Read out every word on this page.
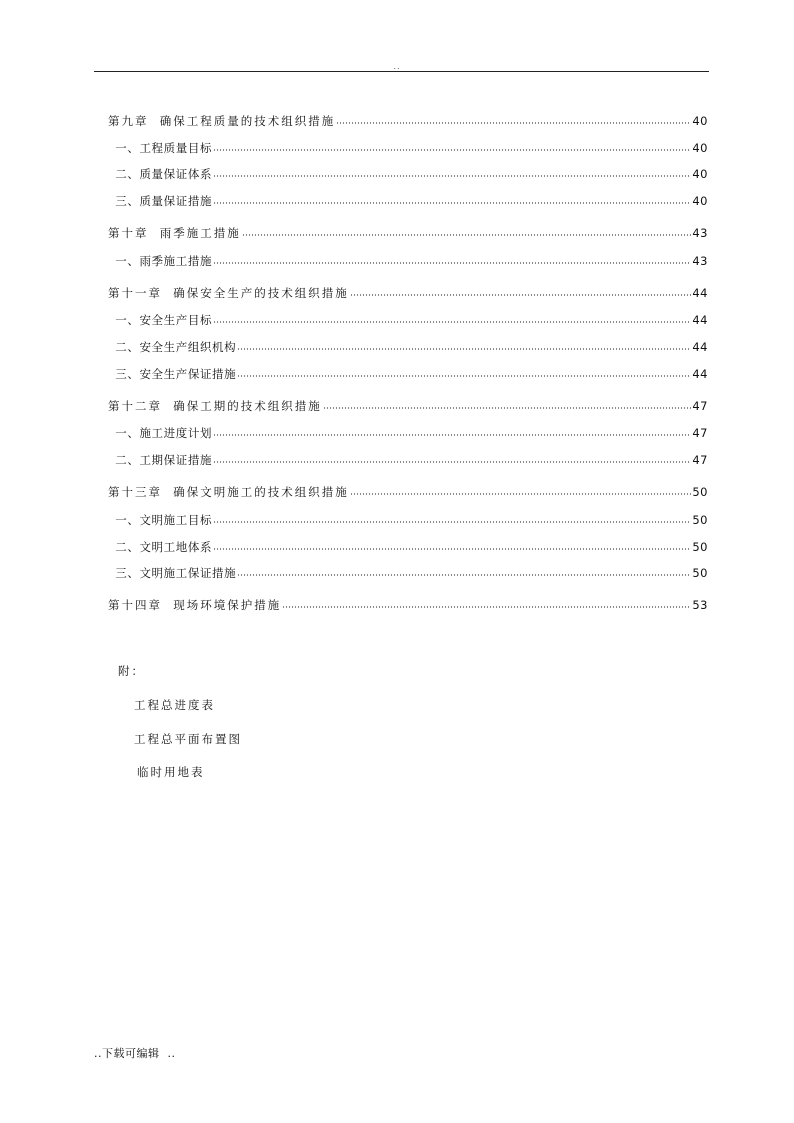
..
第九章  确保工程质量的技术组织措施	40
一、工程质量目标	40
二、质量保证体系	40
三、质量保证措施	40
第十章  雨季施工措施	43
一、雨季施工措施	43
第十一章  确保安全生产的技术组织措施	44
一、安全生产目标	44
二、安全生产组织机构	44
三、安全生产保证措施	44
第十二章  确保工期的技术组织措施	47
一、施工进度计划	47
二、工期保证措施	47
第十三章  确保文明施工的技术组织措施	50
一、文明施工目标	50
二、文明工地体系	50
三、文明施工保证措施	50
第十四章  现场环境保护措施	53
附：
工程总进度表
工程总平面布置图
临时用地表
..下载可编辑  ..
